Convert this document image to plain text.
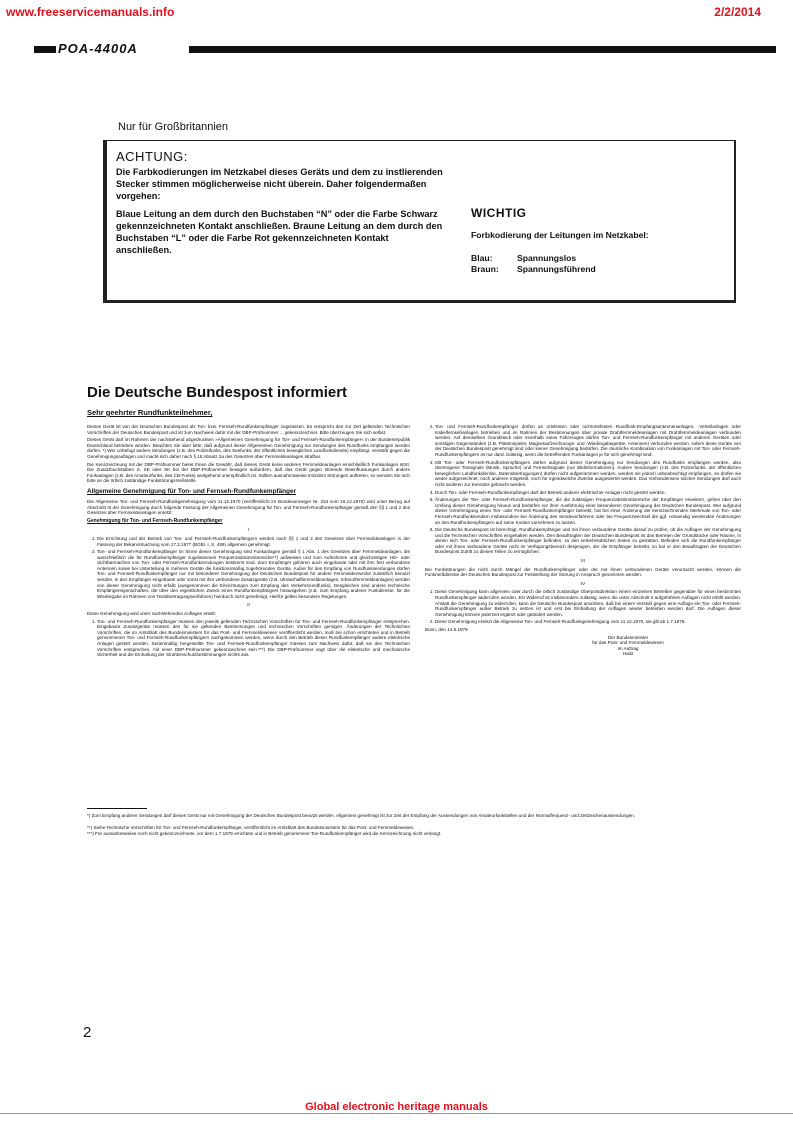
www.freeservicemanuals.info	2/2/2014
POA-4400A
Nur für Großbritannien
ACHTUNG:
Die Farbkodierungen im Netzkabel dieses Geräts und dem zu instlierenden Stecker stimmen möglicherweise nicht überein. Daher folgendermaßen vorgehen:
Blaue Leitung an dem durch den Buchstaben “N” oder die Farbe Schwarz gekennzeichneten Kontakt anschließen. Braune Leitung an dem durch den Buchstaben “L” oder die Farbe Rot gekennzeichneten Kontakt anschließen.
WICHTIG
Forbkodierung der Leitungen im Netzkabel:
Blau:	Spannungslos
Braun: Spannungsführend
Die Deutsche Bundespost informiert
Sehr geehrter Rundfunkteilnehmer,

Dieses Gerät ist von der Deutschen Bundespost als Ton- bzw. Fernseh-Rundfunkempfänger zugelassen. Es entspricht den zur Zeit geltenden Technischen Vorschriften der Deutschen Bundespost und ist zum Nachweis dafür mit der DBP-Prüfnummer ... gekennzeichnet. Bitte überzeugen Sie sich selbst.

Dieses Gerät darf im Rahmen der nachstehend abgedruckten »Allgemeinen Genehmigung für Ton- und Fernseh-Rundfunkempfänger« in der Bundesrepublik Deutschland betrieben werden. Beachten Sie aber bitte, daß aufgrund dieser Allgemeinen Genehmigung nur Sendungen des Rundfunks empfangen werden dürfen. *) Wer unbefugt andere Sendungen (z.B. des Polizeifunks, des Seefunks, der öffentlichen beweglichen Landfunkdienste) empfängt, verstößt gegen die Genehmigungsauflagen und macht sich daher nach § 15 Absatz 2a des Gesetzes über Fernmeldeanlagen strafbar.

Die Kennzeichnung mit der DBP-Prüfnummer bietet Ihnen die Gewähr, daß dieses Gerät keine anderen Fernmeldeanlagen einschließlich Funkanlagen stört. Die Zusatzbuchstaben S, SE oder SK bei der DBP-Prüfnummer besagen außerdem, daß das Gerät gegen störende Beeinflussungen durch andere Funkanlagen (z.B. des Amateurfunks, des CB-Funks) weitgehend unempfindlich ist. Sollten ausnahmsweise trotzdem Störungen auftreten, so wenden Sie sich bitte an die örtlich zuständige Funkstörungsmeßstelle.

Allgemeine Genehmigung für Ton- und Fernseh-Rundfunkempfänger

Die Allgemeine Ton- und Fernseh-Rundfunkgenehmigung vom 11.12.1970 (veröffentlicht im Bundesanzeiger Nr. 234 vom 16.12.1970) wird unter Bezug auf Abschnitt III der Genehmigung durch folgende Fassung der Allgemeinen Genehmigung für Ton- und Fernseh-Rundfunkempfänger gemäß den §§ 1 und 2 des Gesetzes über Fernmeldeanlagen ersetzt:

Genehmigung für Ton- und Fernseh-Rundfunkempfänger
I
1. Die Errichtung und der Betrieb von Ton- und Fernseh-Rundfunkempfängern werden nach §§ 1 und 2 des Gesetzes über Fernmeldeanlagen in der Fassung der Bekanntmachung vom 17.3.1977 (BGBl. I, S. 459) allgemein genehmigt.
2. Ton- und Fernseh-Rundfunkempfänger im Sinne dieser Genehmigung sind Funkanlagen gemäß § 1 Abs. 1 des Gesetzes über Fernmeldeanlagen, die ausschließlich die für Rundfunkempfänger zugelassenen Frequenzabstimmbereiche**) aufweisen und zum Aufnehmen und gleichzeitigen Hör- oder Sichtbarmachen von Ton- oder Fernseh-Rundfunksendungen bestimmt sind. Zum Empfänger gehören auch eingebaute oder mit ihm fest verbundene Antennen sowie bei Unterteilung in mehrere Geräte die funktionsmäßig zugehörenden Geräte. Außer für den Empfang von Rundfunksendungen dürfen Ton- und Fernseh-Rundfunkempfänger nur mit besonderer Genehmigung der Deutschen Bundespost für andere Fernmeldezwecke zusätzlich benutzt werden. In den Empfänger eingebaute oder sonst mit ihm verbundene Zusatzgeräte (z.B. Ultraschallfernmeldeanlagen, Infrarotfernmeldeanlagen) werden von dieser Genehmigung nicht erfaßt (ausgenommen die Einrichtungen zum Empfang des Verkehrsrundfunks). Desgleichen sind andere technische Empfängereigenschaften, die über den eigentlichen Zweck eines Rundfunkempfängers hinausgehen (z.B. zum Empfang anderer Funkdienste, für die Wiedergabe im Rahmen von Textübertragungsverfahren) hierdurch nicht genehmigt. Hierfür gelten besondere Regelungen.
II

Diese Genehmigung wird unter nachstehenden Auflagen erteilt:

1. Ton- und Fernseh-Rundfunkempfänger müssen den jeweils geltenden Technischen Vorschriften für Ton- und Fernseh-Rundfunkempfänger entsprechen. Eingebaute Zusatzgeräte müssen den für sie geltenden Bestimmungen und technischen Vorschriften genügen. Änderungen der Technischen Vorschriften, die im Amtsblatt des Bundesministers für das Post- und Fernmeldewesen veröffentlicht werden, muß bei schon errichteten und in Betrieb genommenen Ton- und Fernseh-Rundfunkempfängern nachgekommen werden, wenn durch den Betrieb dieser Rundfunkempfänger andere elektrische Anlagen gestört werden. Serienmäßig hergestellte Ton- und Fernseh-Rundfunkempfänger müssen zum Nachweis dafür, daß sie den Technischen Vorschriften entsprechen, mit einer DBP-Prüfnummer gekennzeichnet sein.***) Die DBP-Prüfnummer sagt über die elektrische und mechanische Sicherheit und die Einhaltung der Strahlenschutzbestimmungen nichts aus.
2. Ton- und Fernseh-Rundfunkempfänger dürfen an ortsfesten oder nichtortsfesten Rundfunk-Empfangsantennenanlagen, -Verteilanlagen oder Kabelfernsehanlagen betrieben und im Rahmen der Bestimmungen über private Drahtfernmeldeanlagen mit Drahtfernmeldeanlagen verbunden werden. Auf demselben Grundstück oder innerhalb eines Fahrzeuges dürfen Ton- und Fernseh-Rundfunkempfänger mit anderen Geräten oder sonstigen Gegenständen (z.B. Plattenspieler, Magnetaufzeichnungs- und -Wiedergabegeräte, Antennen) verbunden werden, sofern diese Geräte von der Deutschen Bundespost genehmigt sind oder keiner Genehmigung bedürfen. Die räumliche Kombination von Funkanlagen mit Ton- oder Fernseh-Rundfunkempfängern ist nur dann zulässig, wenn die betreffenden Funkanlagen je für sich genehmigt sind.
3. Mit Ton- oder Fernseh-Rundfunkempfängern dürfen aufgrund dieser Genehmigung nur Sendungen des Rundfunks empfangen werden, also übertragene Tonsignale (Musik, Sprache) und Fernsehsignale (nur Bildinformationen). Andere Sendungen (z.B. des Polizeifunks, der öffentlichen beweglichen Landfunkdienste, Datenübertragungen) dürfen nicht aufgenommen werden, werden sie jedoch unbeabsichtigt empfangen, so dürfen sie weder aufgezeichnet, noch anderen mitgeteilt, noch für irgendwelche Zwecke ausgewertet werden. Das Vorhandensein solcher Sendungen darf auch nicht anderen zur Kenntnis gebracht werden.
4. Durch Ton- oder Fernseh-Rundfunkempfänger darf der Betrieb anderer elektrischer Anlagen nicht gestört werden.
5. Änderungen der Ton- oder Fernseh-Rundfunkempfänger, die die zulässigen Frequenzabstimmbereiche der Empfänger erweitern, gehen über den Umfang dieser Genehmigung hinaus und bedürfen vor ihrer Ausführung einer besonderen Genehmigung der Deutschen Bundespost. Wer aufgrund dieser Genehmigung einen Ton- oder Fernseh-Rundfunkempfänger betreibt, hat bei einer Änderung der kennzeichnenden Merkmale von Ton- oder Fernseh-Rundfunksendern insbesondere bei Änderung des Sendeverfahrens oder bei Frequenzwechsel die ggf. notwendig werdenden Änderungen an den Rundfunkempfängern auf seine Kosten vornehmen zu lassen.
6. Die Deutsche Bundespost ist berechtigt, Rundfunkempfänger und mit ihnen verbundene Geräte darauf zu prüfen, ob die Auflagen der Genehmigung und die Technischen Vorschriften eingehalten werden. Den Beauftragten der Deutschen Bundespost ist das Betreten der Grundstücke oder Räume, in denen sich Ton- oder Fernseh-Rundfunkempfänger befinden, zu den verkehrsüblichen Zeiten zu gestatten. Befinden sich die Rundfunkempfänger oder mit ihnen verbundene Geräte nicht im Verfügungsbereich desjenigen, der die Empfänger betreibt, so hat er den Beauftragten der Deutschen Bundespost Zutritt zu diesen Teilen zu ermöglichen.
III

Bei Funkstörungen die nicht durch Mängel der Rundfunkempfänger oder der mit ihnen verbundenen Geräte verursacht werden, können die Funkmeßdienste der Deutschen Bundespost zur Feststellung der Störung in Anspruch genommen werden.

IV
1. Diese Genehmigung kann allgemein oder durch die örtlich zuständige Oberpostdirektion einem einzelnen Betreiber gegenüber für einen bestimmten Rundfunkempfänger widerrufen werden. Ein Widerruf ist insbesondere zulässig, wenn die unter Abschnitt II aufgeführten Auflagen nicht erfüllt werden. Anstatt die Genehmigung zu widerrufen, kann die Deutsche Bundespost anordnen, daß bei einem Verstoß gegen eine Auflage ein Ton- oder Fernseh-Rundfunkempfänger außer Betrieb zu setzen ist und erst bei Einhaltung der Auflagen wieder betrieben werden darf. Die Auflagen dieser Genehmigung können jederzeit ergänzt oder geändert werden.
2. Diese Genehmigung ersetzt die Allgemeine Ton- und Fernseh-Rundfunkgenehmigung vom 11.12.1970, sie gilt ab 1.7.1979.

Bonn, den 14.5.1979

Der Bundesminister
für das Post- und Fernmeldewesen
Im Auftrag
Haist
*) Zum Empfang anderer Sendungen darf dieses Gerät nur mit Genehmigung der Deutschen Bundespost benutzt werden. Allgemein genehmigt ist zur Zeit der Empfang der Aussendungen von Amateurfunkstellen und der Normalfrequenz- und Zeitzeichenaussendungen.
**) Siehe Technische Vorschriften für Ton- und Fernseh-Rundfunkempfänger, veröffentlicht im Amtsblatt des Bundesministers für das Post- und Fernmeldewesen.
***) Für ausnahmsweise noch nicht gekennzeichnete, vor dem 1.7.1979 errichtete und in Betrieb genommene Ton-Rundfunkempfänger wird die Kennzeichnung nicht verlangt.
2
Global electronic heritage manuals
